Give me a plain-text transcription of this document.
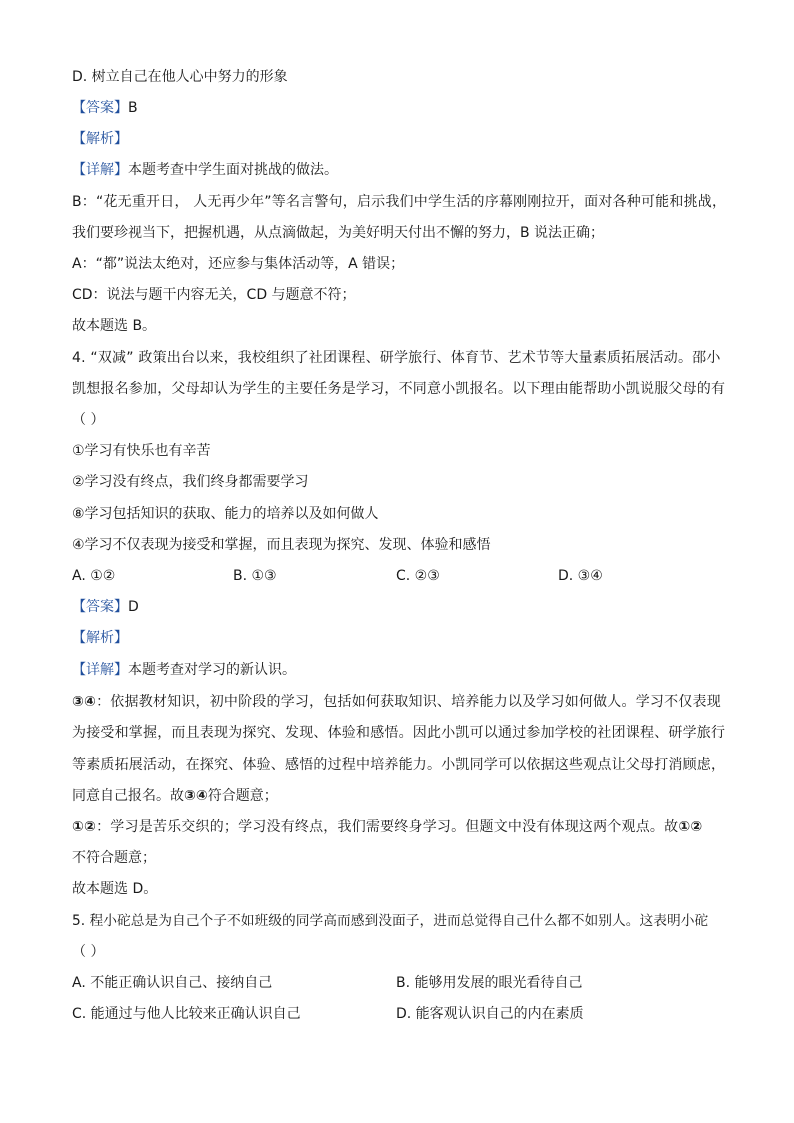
D. 树立自己在他人心中努力的形象
【答案】B
【解析】
【详解】本题考查中学生面对挑战的做法。
B：“花无重开日， 人无再少年”等名言警句，启示我们中学生活的序幕刚刚拉开，面对各种可能和挑战，
我们要珍视当下，把握机遇，从点滴做起，为美好明天付出不懈的努力，B 说法正确；
A：“都”说法太绝对，还应参与集体活动等，A 错误；
CD：说法与题干内容无关，CD 与题意不符；
故本题选 B。
4. “双减” 政策出台以来，我校组织了社团课程、研学旅行、体育节、艺术节等大量素质拓展活动。邵小
凯想报名参加，父母却认为学生的主要任务是学习，不同意小凯报名。以下理由能帮助小凯说服父母的有
（ ）
①学习有快乐也有辛苦
②学习没有终点，我们终身都需要学习
⑧学习包括知识的获取、能力的培养以及如何做人
④学习不仅表现为接受和掌握，而且表现为探究、发现、体验和感悟
A. ①②	B. ①③	C. ②③	D. ③④
【答案】D
【解析】
【详解】本题考查对学习的新认识。
③④：依据教材知识，初中阶段的学习，包括如何获取知识、培养能力以及学习如何做人。学习不仅表现
为接受和掌握，而且表现为探究、发现、体验和感悟。因此小凯可以通过参加学校的社团课程、研学旅行
等素质拓展活动，在探究、体验、感悟的过程中培养能力。小凯同学可以依据这些观点让父母打消顾虑，
同意自己报名。故③④符合题意；
①②：学习是苦乐交织的；学习没有终点，我们需要终身学习。但题文中没有体现这两个观点。故①②
不符合题意；
故本题选 D。
5. 程小砣总是为自己个子不如班级的同学高而感到没面子，进而总觉得自己什么都不如别人。这表明小砣
（ ）
A. 不能正确认识自己、接纳自己	B. 能够用发展的眼光看待自己
C. 能通过与他人比较来正确认识自己	D. 能客观认识自己的内在素质
